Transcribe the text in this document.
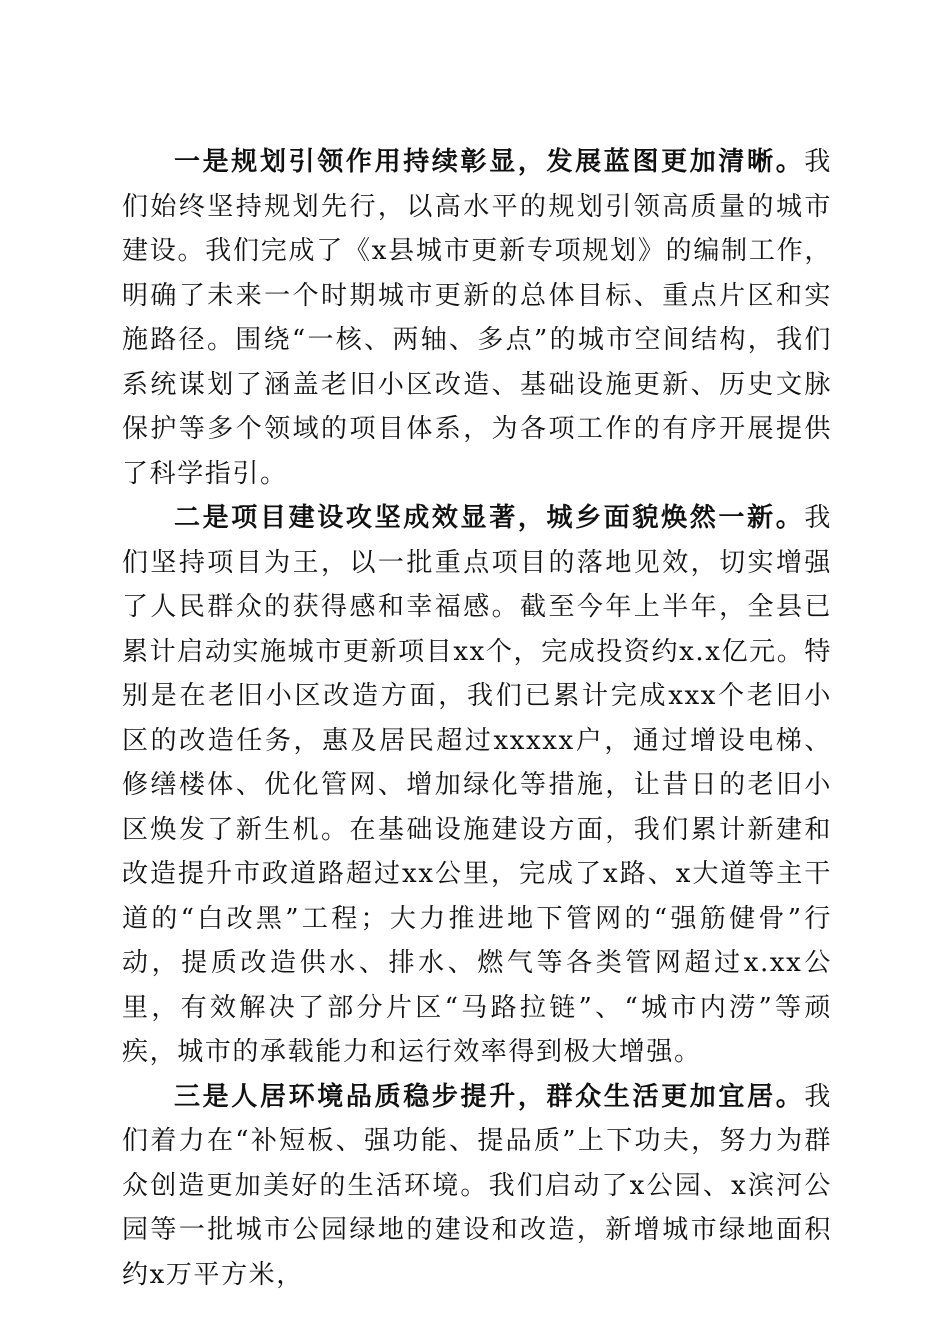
一是规划引领作用持续彰显，发展蓝图更加清晰。我们始终坚持规划先行，以高水平的规划引领高质量的城市建设。我们完成了《x县城市更新专项规划》的编制工作，明确了未来一个时期城市更新的总体目标、重点片区和实施路径。围绕“一核、两轴、多点”的城市空间结构，我们系统谋划了涵盖老旧小区改造、基础设施更新、历史文脉保护等多个领域的项目体系，为各项工作的有序开展提供了科学指引。

二是项目建设攻坚成效显著，城乡面貌焕然一新。我们坚持项目为王，以一批重点项目的落地见效，切实增强了人民群众的获得感和幸福感。截至今年上半年，全县已累计启动实施城市更新项目xx个，完成投资约x.x亿元。特别是在老旧小区改造方面，我们已累计完成xxx个老旧小区的改造任务，惠及居民超过xxxxx户，通过增设电梯、修缮楼体、优化管网、增加绿化等措施，让昔日的老旧小区焕发了新生机。在基础设施建设方面，我们累计新建和改造提升市政道路超过xx公里，完成了x路、x大道等主干道的“白改黑”工程；大力推进地下管网的“强筋健骨”行动，提质改造供水、排水、燃气等各类管网超过x.xx公里，有效解决了部分片区“马路拉链”、“城市内涝”等顽疾，城市的承载能力和运行效率得到极大增强。

三是人居环境品质稳步提升，群众生活更加宜居。我们着力在“补短板、强功能、提品质”上下功夫，努力为群众创造更加美好的生活环境。我们启动了x公园、x滨河公园等一批城市公园绿地的建设和改造，新增城市绿地面积约x万平方米，
